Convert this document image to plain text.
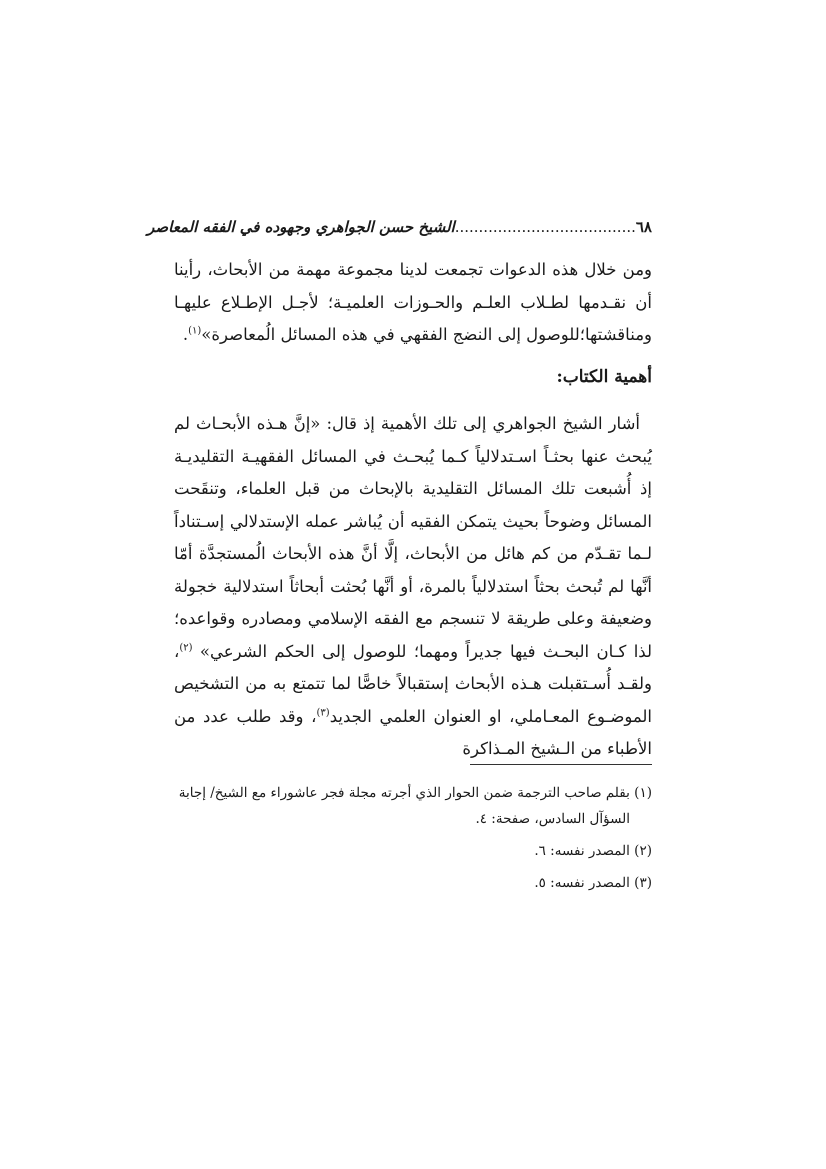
٦٨
......................................
الشيخ حسن الجواهري وجهوده في الفقه المعاصر
ومن خلال هذه الدعوات تجمعت لدينا مجموعة مهمة من الأبحاث، رأينا أن نقـدمها لطـلاب العلـم والحـوزات العلميـة؛ لأجـل الإطـلاع عليهـا ومناقشتها؛للوصول إلى النضج الفقهي في هذه المسائل الُمعاصرة»$^{(١)}$.
أهمية الكتاب:
أشار الشيخ الجواهري إلى تلك الأهمية إذ قال: «إنَّ هـذه الأبحـاث لم يُبحث عنها بحثـاً اسـتدلالياً كـما يُبحـث في المسائل الفقهيـة التقليديـة إذ أُشبعت تلك المسائل التقليدية بالإبحاث من قبل العلماء، وتنقَحت المسائل وضوحاً بحيث يتمكن الفقيه أن يُباشر عمله الإستدلالي إسـتناداً لـما تقـدّم من كم هائل من الأبحاث، إلَّا أنَّ هذه الأبحاث الُمستجدَّة أمّا أنَّها لم تُبحث بحثاً استدلالياً بالمرة، أو أنَّها بُحثت أبحاثاً استدلالية خجولة وضعيفة وعلى طريقة لا تنسجم مع الفقه الإسلامي ومصادره وقواعده؛لذا كـان البحـث فيها جديراً ومهما؛ للوصول إلى الحكم الشرعي» $^{(٢)}$، ولقـد أُسـتقبلت هـذه الأبحاث إستقبالاً خاصًّا لما تتمتع به من التشخيص الموضـوع المعـاملي، او العنوان العلمي الجديد$^{(٣)}$، وقد طلب عدد من الأطباء من الـشيخ المـذاكرة
(١) بقلم صاحب الترجمة ضمن الحوار الذي أجرته مجلة فجر عاشوراء مع الشيخ/ إجابة السؤآل السادس، صفحة: ٤.
(٢) المصدر نفسه: ٦.
(٣) المصدر نفسه: ٥.
